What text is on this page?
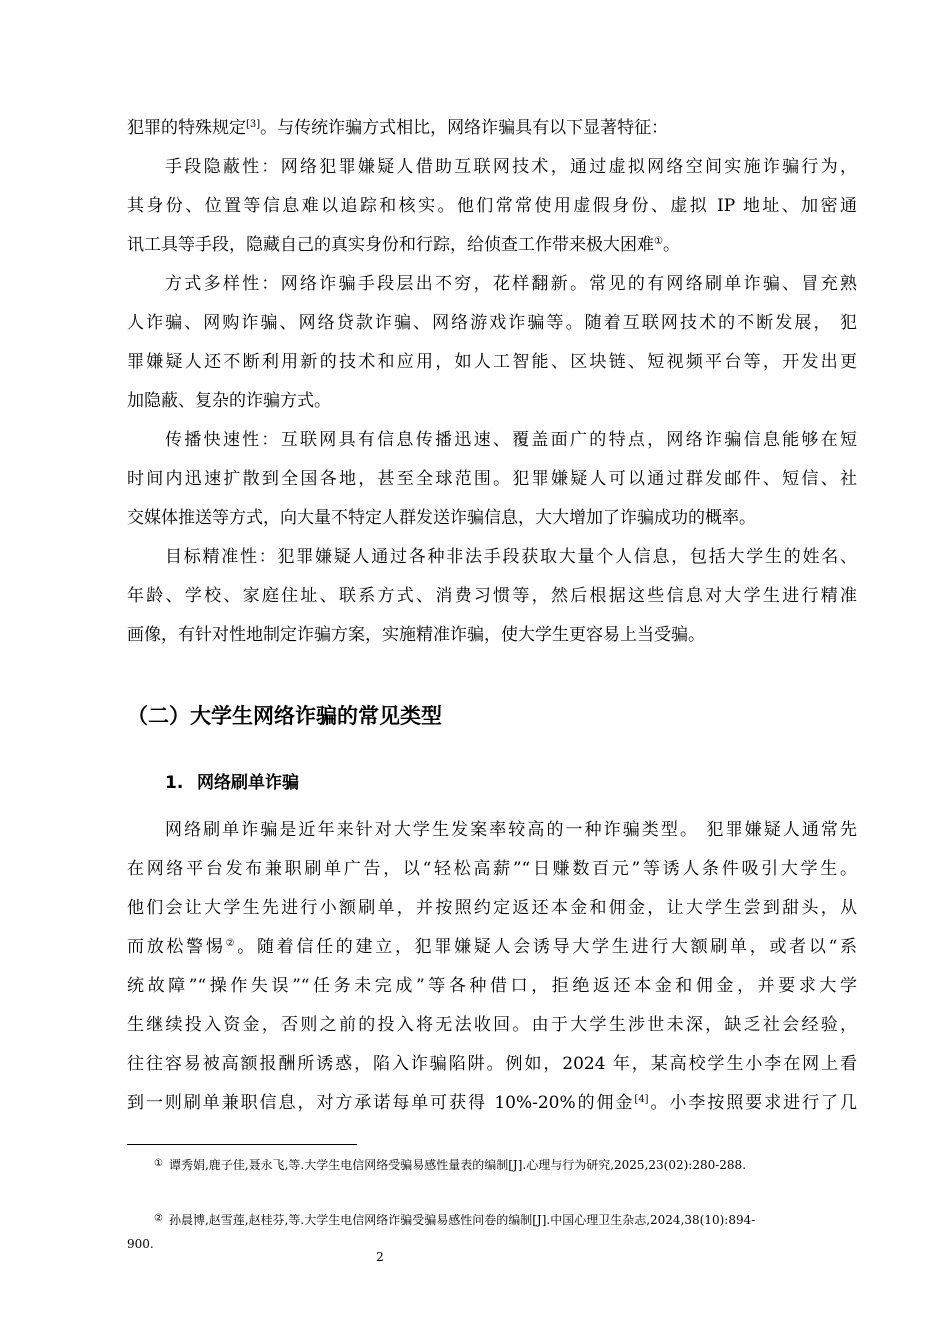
犯罪的特殊规定[3]。与传统诈骗方式相比，网络诈骗具有以下显著特征：
手段隐蔽性：网络犯罪嫌疑人借助互联网技术，通过虚拟网络空间实施诈骗行为，
其身份、位置等信息难以追踪和核实。他们常常使用虚假身份、虚拟 IP 地址、加密通
讯工具等手段，隐藏自己的真实身份和行踪，给侦查工作带来极大困难①。
方式多样性：网络诈骗手段层出不穷，花样翻新。常见的有网络刷单诈骗、冒充熟
人诈骗、网购诈骗、网络贷款诈骗、网络游戏诈骗等。随着互联网技术的不断发展， 犯
罪嫌疑人还不断利用新的技术和应用，如人工智能、区块链、短视频平台等，开发出更
加隐蔽、复杂的诈骗方式。
传播快速性：互联网具有信息传播迅速、覆盖面广的特点，网络诈骗信息能够在短
时间内迅速扩散到全国各地，甚至全球范围。犯罪嫌疑人可以通过群发邮件、短信、社
交媒体推送等方式，向大量不特定人群发送诈骗信息，大大增加了诈骗成功的概率。
目标精准性：犯罪嫌疑人通过各种非法手段获取大量个人信息，包括大学生的姓名、
年龄、学校、家庭住址、联系方式、消费习惯等，然后根据这些信息对大学生进行精准
画像，有针对性地制定诈骗方案，实施精准诈骗，使大学生更容易上当受骗。
（二）大学生网络诈骗的常见类型
1. 网络刷单诈骗
网络刷单诈骗是近年来针对大学生发案率较高的一种诈骗类型。 犯罪嫌疑人通常先
在网络平台发布兼职刷单广告，以“轻松高薪”“日赚数百元”等诱人条件吸引大学生。
他们会让大学生先进行小额刷单，并按照约定返还本金和佣金，让大学生尝到甜头，从
而放松警惕②。随着信任的建立，犯罪嫌疑人会诱导大学生进行大额刷单，或者以“系
统故障”“操作失误”“任务未完成”等各种借口，拒绝返还本金和佣金，并要求大学
生继续投入资金，否则之前的投入将无法收回。由于大学生涉世未深，缺乏社会经验，
往往容易被高额报酬所诱惑，陷入诈骗陷阱。例如，2024 年，某高校学生小李在网上看
到一则刷单兼职信息，对方承诺每单可获得 10%-20%的佣金[4]。小李按照要求进行了几
① 谭秀娟,鹿子佳,聂永飞,等.大学生电信网络受骗易感性量表的编制[J].心理与行为研究,2025,23(02):280-288.
② 孙晨博,赵雪莲,赵桂芬,等.大学生电信网络诈骗受骗易感性问卷的编制[J].中国心理卫生杂志,2024,38(10):894-
900.
2
